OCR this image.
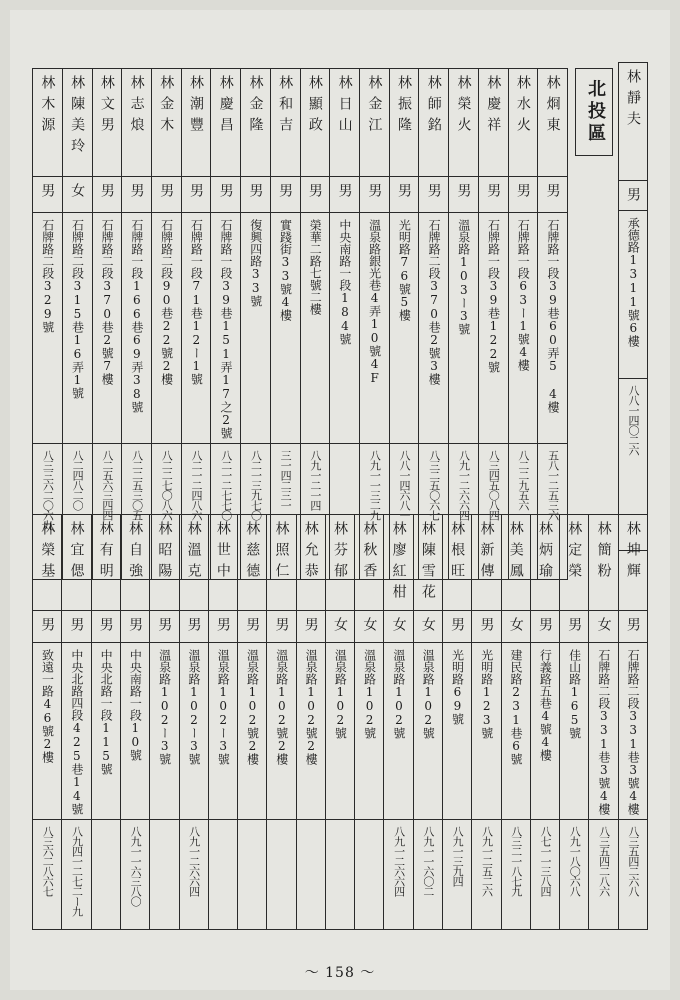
林靜夫
男
承德路1311號6樓
八八一四〇二六
北投區
林烱東	林水火	林慶祥	林榮火	林師銘	林振隆	林金江	林日山	林顯政	林和吉	林金隆	林慶昌	林潮豐	林金木	林志烺	林文男	林陳美玲	林木源
男	男	男	男	男	男	男	男	男	男	男	男	男	男	男	男	女	男
石牌路一段39巷60弄5 4樓	石牌路一段63ー1號4樓	石牌路一段39巷122號	溫泉路103ー3號	石牌路二段370巷2號3樓	光明路76號5樓	溫泉路銀光巷4弄10號4F	中央南路一段184號	榮華二路七號二樓	實踐街33號4樓	復興四路33號	石牌路一段39巷151弄17之2號	石牌路一段71巷12ー1號	石牌路二段90巷22號2樓	石牌路一段166巷69弄38號	石牌路二段370巷2號7樓	石牌路二段315巷16弄1號	石牌路二段329號
五八一二五三六	八二二九五六	八三四五〇八四	八九一二六六四	八三二五〇六七	八八一四六八一	八九一一三二九		八九一二一四	三一四二三一	八二一三九七〇	八二一二七七〇	八二一二四八六	八二二七〇八六	八二二五三〇五	八二五六三四四	八二四八二〇	八三三六二〇六九
林坤輝	林簡粉	林定榮	林炳瑜	林美鳳	林新傳	林根旺	林陳雪花	林廖紅柑	林秋香	林芬郁	林允恭	林照仁	林慈德	林世中	林溫克	林昭陽	林自強	林有明	林宜偲	林榮基
男	女	男	男	女	男	男	女	女	女	女	男	男	男	男	男	男	男	男	男	男
石牌路二段331巷3號4樓	石牌路二段331巷3號4樓	佳山路165號	行義路五巷4號4樓	建民路231巷6號	光明路123號	光明路69號	溫泉路102號	溫泉路102號	溫泉路102號	溫泉路102號	溫泉路102號2樓	溫泉路102號2樓	溫泉路102號2樓	溫泉路102ー3號	溫泉路102ー3號	溫泉路102ー3號	中央南路一段10號	中央北路一段115號	中央北路四段425巷14號	致遠一路46號2樓
八三五四二六八	八三五四二八六	八九一八〇六八	八七一一三八四	八三二一八七九	八九一二五二六	八九一三九四	八九一一六〇二	八九一二六六四							八九一二六六四		八九一一六三八〇		八九四一二七二ー九	八三六二八六七
～ 158 ～
